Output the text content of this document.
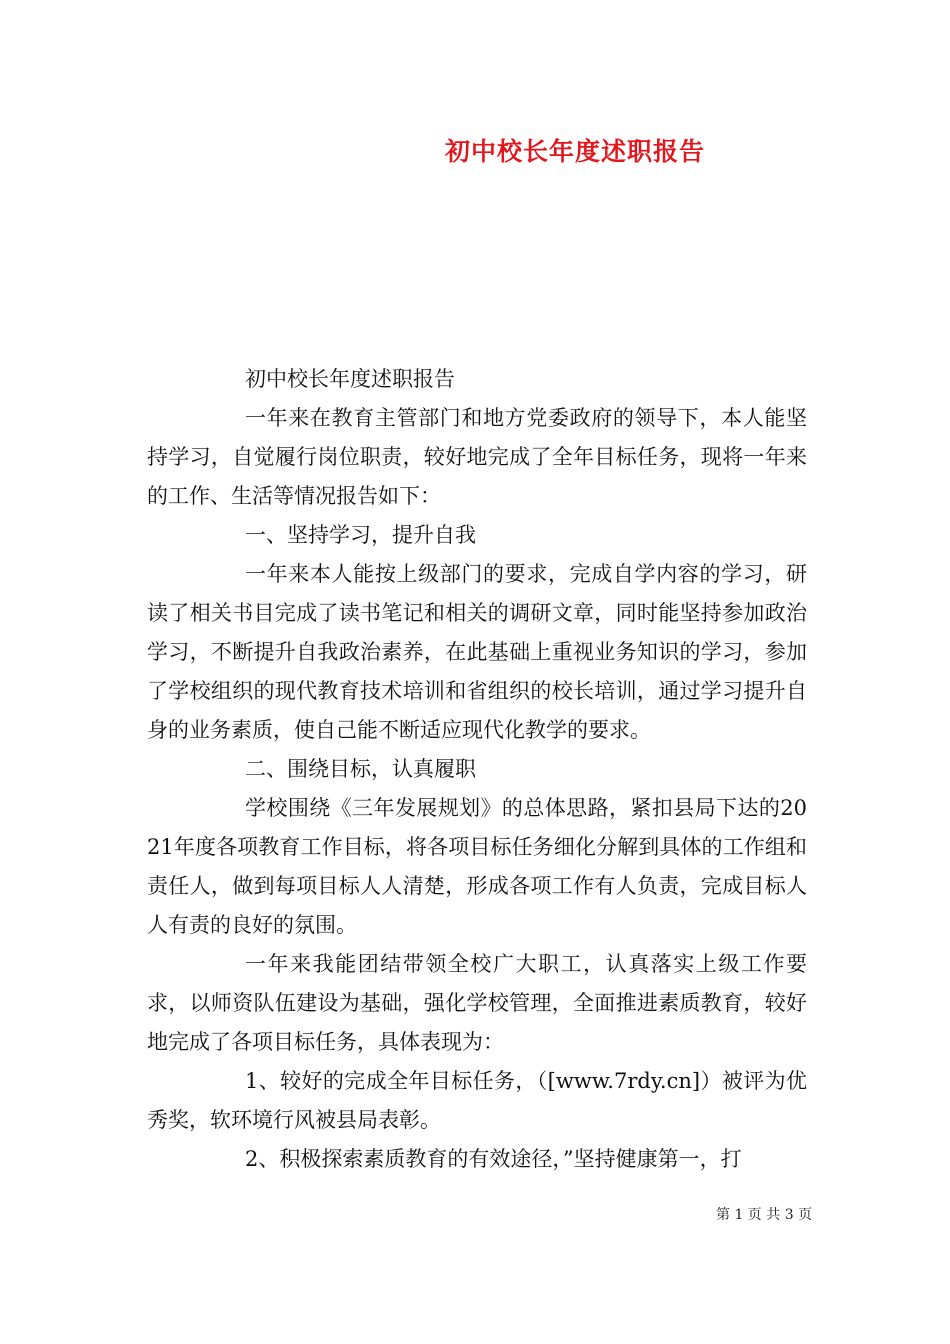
初中校长年度述职报告

初中校长年度述职报告

一年来在教育主管部门和地方党委政府的领导下，本人能坚持学习，自觉履行岗位职责，较好地完成了全年目标任务，现将一年来的工作、生活等情况报告如下：

一、坚持学习，提升自我

一年来本人能按上级部门的要求，完成自学内容的学习，研读了相关书目完成了读书笔记和相关的调研文章，同时能坚持参加政治学习，不断提升自我政治素养，在此基础上重视业务知识的学习，参加了学校组织的现代教育技术培训和省组织的校长培训，通过学习提升自身的业务素质，使自己能不断适应现代化教学的要求。

二、围绕目标，认真履职

学校围绕《三年发展规划》的总体思路，紧扣县局下达的2021年度各项教育工作目标，将各项目标任务细化分解到具体的工作组和责任人，做到每项目标人人清楚，形成各项工作有人负责，完成目标人人有责的良好的氛围。

一年来我能团结带领全校广大职工，认真落实上级工作要求，以师资队伍建设为基础，强化学校管理，全面推进素质教育，较好地完成了各项目标任务，具体表现为：

1、较好的完成全年目标任务，（[www.7rdy.cn]）被评为优秀奖，软环境行风被县局表彰。

2、积极探索素质教育的有效途径，”坚持健康第一，打

第 1 页 共 3 页
